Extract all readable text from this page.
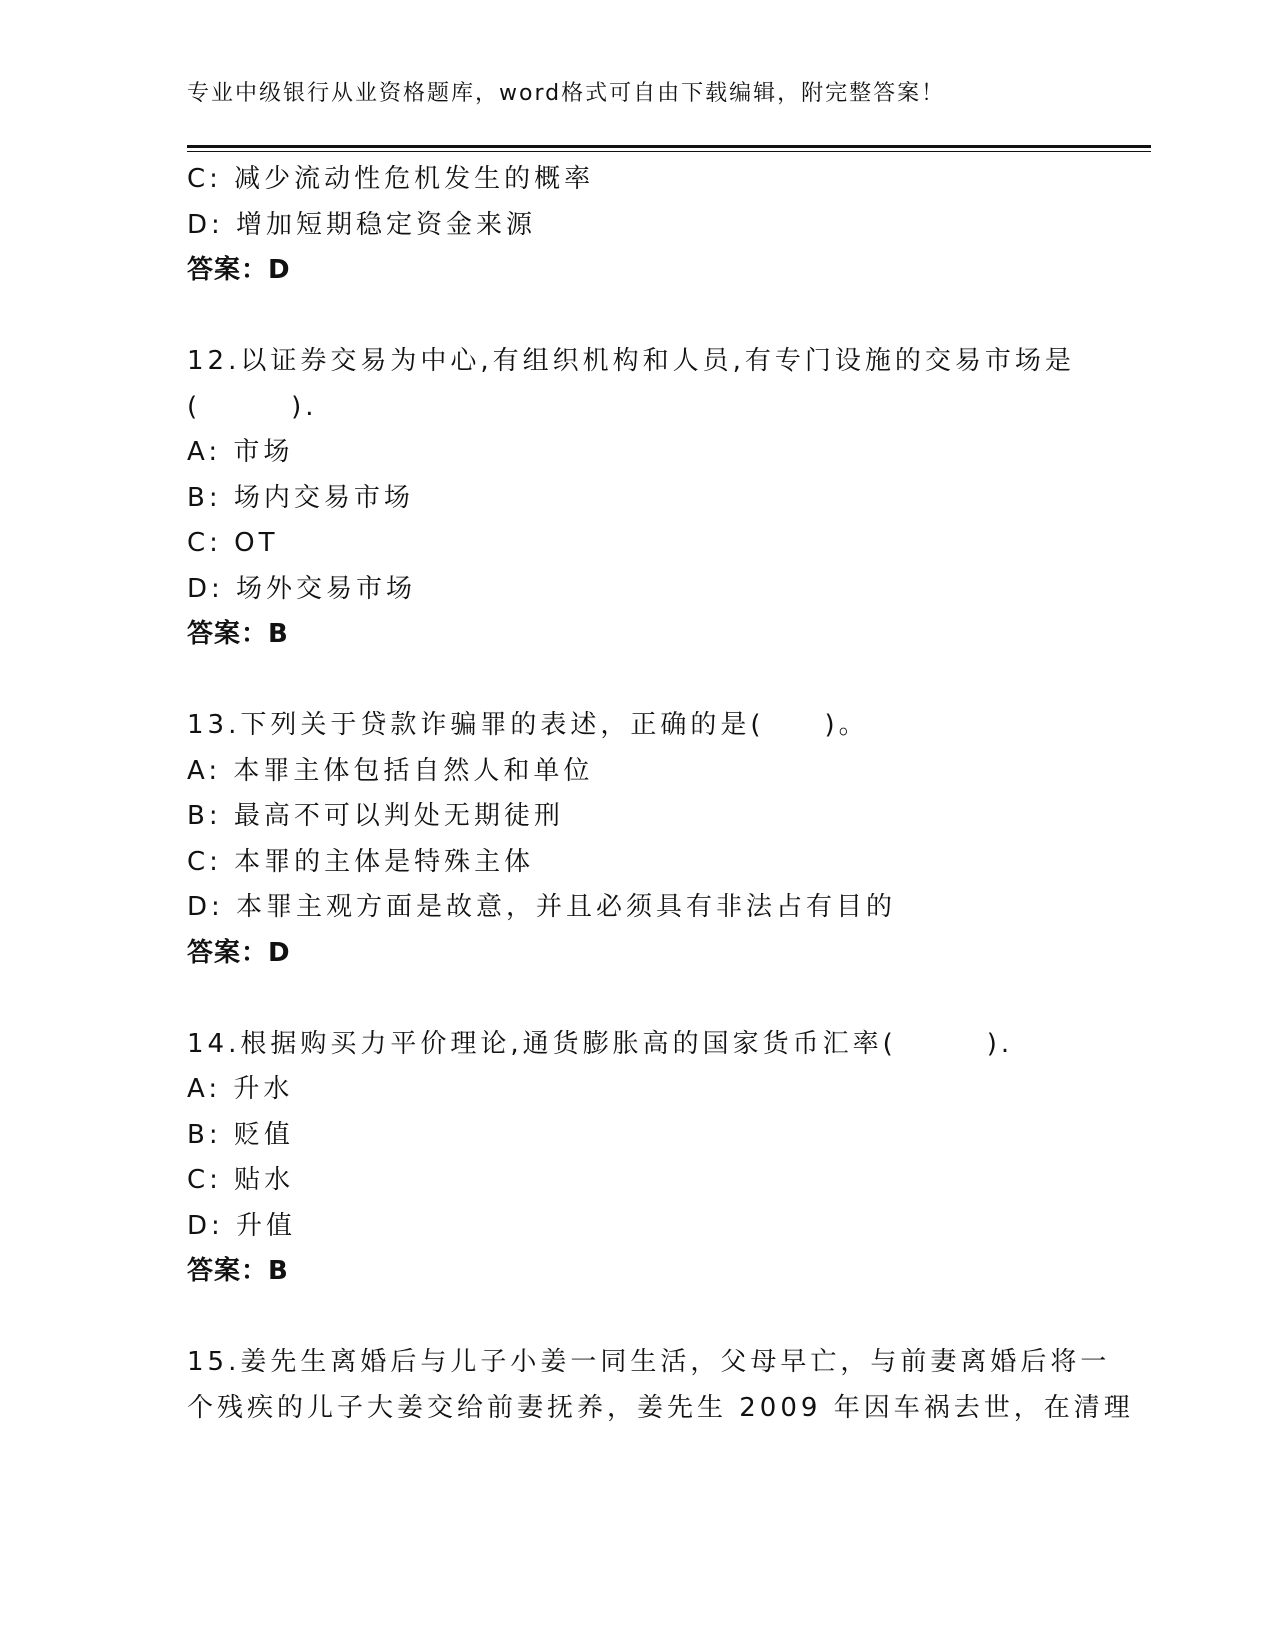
专业中级银行从业资格题库，word格式可自由下载编辑，附完整答案！
C: 减少流动性危机发生的概率
D: 增加短期稳定资金来源
答案：D
12.以证券交易为中心,有组织机构和人员,有专门设施的交易市场是
(　　　).
A: 市场
B: 场内交易市场
C: OT
D: 场外交易市场
答案：B
13.下列关于贷款诈骗罪的表述，正确的是(　　)。
A: 本罪主体包括自然人和单位
B: 最高不可以判处无期徒刑
C: 本罪的主体是特殊主体
D: 本罪主观方面是故意，并且必须具有非法占有目的
答案：D
14.根据购买力平价理论,通货膨胀高的国家货币汇率(　　　).
A: 升水
B: 贬值
C: 贴水
D: 升值
答案：B
15.姜先生离婚后与儿子小姜一同生活，父母早亡，与前妻离婚后将一
个残疾的儿子大姜交给前妻抚养，姜先生 2009 年因车祸去世，在清理
